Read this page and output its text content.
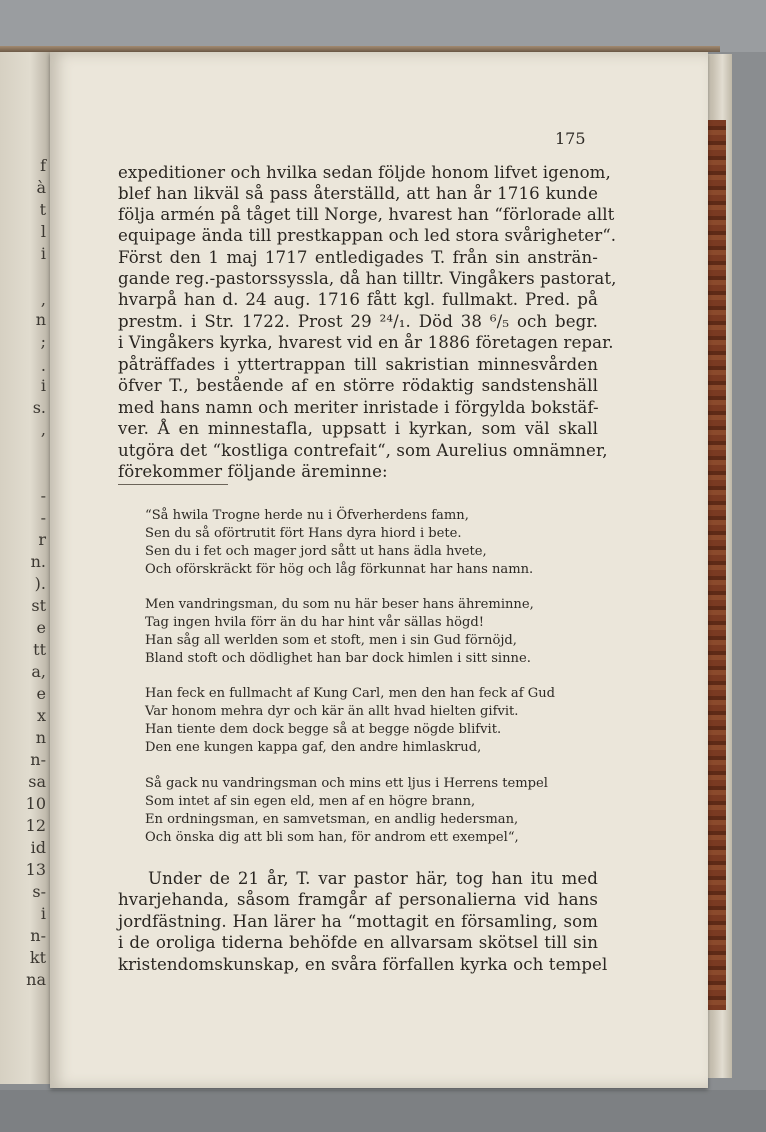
f
à
t
l
i
,
n
;
.
i
s.
,
-
-
r
n.
).
st
e
tt
a,
e
x
n
n-
sa
10
12
id
13
s-
i
n-
kt
na
175
expeditioner och hvilka sedan följde honom lifvet igenom,
blef han likväl så pass återställd, att han år 1716 kunde
följa armén på tåget till Norge, hvarest han “förlorade allt
equipage ända till prestkappan och led stora svårigheter“.
Först den 1 maj 1717 entledigades T. från sin ansträn-
gande reg.-pastorssyssla, då han tilltr. Vingåkers pastorat,
hvarpå han d. 24 aug. 1716 fått kgl. fullmakt. Pred. på
prestm. i Str. 1722. Prost 29 ²⁴/₁. Död 38 ⁶/₅ och begr.
i Vingåkers kyrka, hvarest vid en år 1886 företagen repar.
påträffades i yttertrappan till sakristian minnesvården
öfver T., bestående af en större rödaktig sandstenshäll
med hans namn och meriter inristade i förgylda bokstäf-
ver. Å en minnestafla, uppsatt i kyrkan, som väl skall
utgöra det “kostliga contrefait“, som Aurelius omnämner,
förekommer följande äreminne:
“Så hwila Trogne herde nu i Öfverherdens famn,
Sen du så oförtrutit fört Hans dyra hiord i bete.
Sen du i fet och mager jord sått ut hans ädla hvete,
Och oförskräckt för hög och låg förkunnat har hans namn.
Men vandringsman, du som nu här beser hans ähreminne,
Tag ingen hvila förr än du har hint vår sällas högd!
Han såg all werlden som et stoft, men i sin Gud förnöjd,
Bland stoft och dödlighet han bar dock himlen i sitt sinne.
Han feck en fullmacht af Kung Carl, men den han feck af Gud
Var honom mehra dyr och kär än allt hvad hielten gifvit.
Han tiente dem dock begge så at begge nögde blifvit.
Den ene kungen kappa gaf, den andre himlaskrud,
Så gack nu vandringsman och mins ett ljus i Herrens tempel
Som intet af sin egen eld, men af en högre brann,
En ordningsman, en samvetsman, en andlig hedersman,
Och önska dig att bli som han, för androm ett exempel“,
Under de 21 år, T. var pastor här, tog han itu med
hvarjehanda, såsom framgår af personalierna vid hans
jordfästning. Han lärer ha “mottagit en församling, som
i de oroliga tiderna behöfde en allvarsam skötsel till sin
kristendomskunskap, en svåra förfallen kyrka och tempel
